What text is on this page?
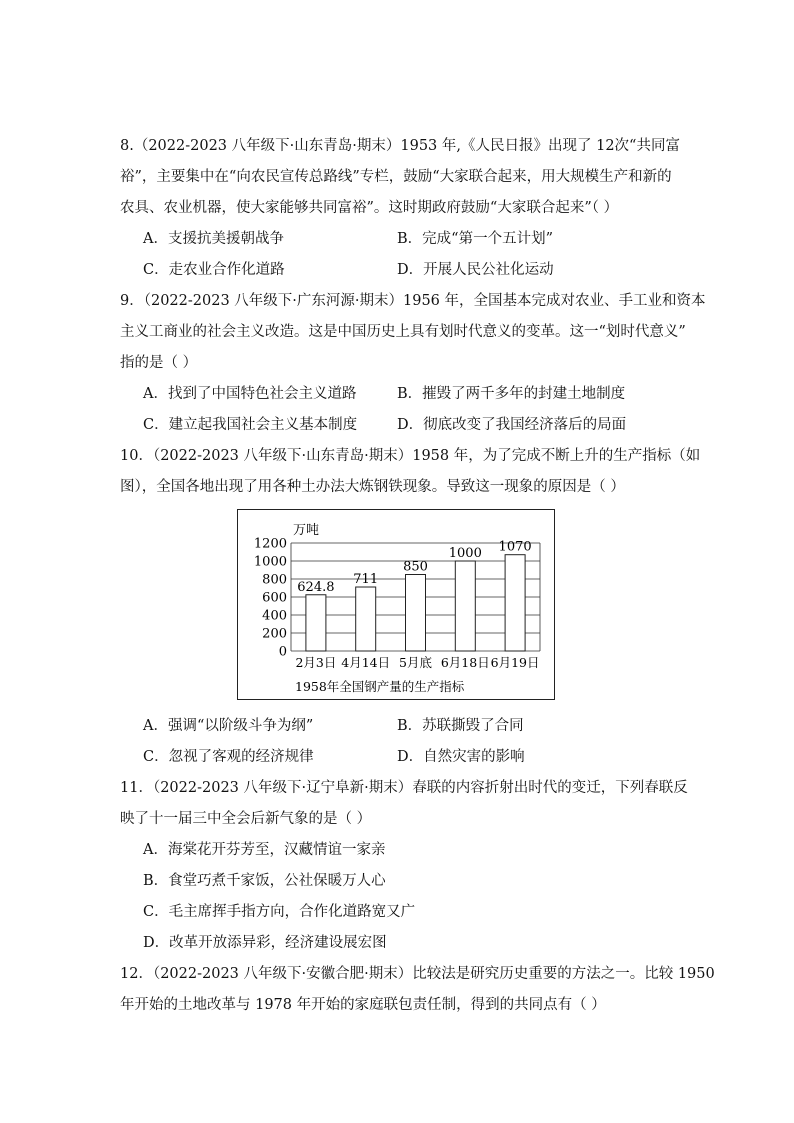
8.（2022-2023 八年级下·山东青岛·期末）1953 年,《人民日报》出现了 12次“共同富
裕”，主要集中在“向农民宣传总路线”专栏，鼓励“大家联合起来，用大规模生产和新的
农具、农业机器，使大家能够共同富裕”。这时期政府鼓励“大家联合起来”（ ）
A．支援抗美援朝战争	B．完成“第一个五计划”
C．走农业合作化道路	D．开展人民公社化运动
9．（2022-2023 八年级下·广东河源·期末）1956 年，全国基本完成对农业、手工业和资本
主义工商业的社会主义改造。这是中国历史上具有划时代意义的变革。这一“划时代意义”
指的是（ ）
A．找到了中国特色社会主义道路	B．摧毁了两千多年的封建土地制度
C．建立起我国社会主义基本制度	D．彻底改变了我国经济落后的局面
10．（2022-2023 八年级下·山东青岛·期末）1958 年，为了完成不断上升的生产指标（如
图），全国各地出现了用各种土办法大炼钢铁现象。导致这一现象的原因是（ ）
万吨
1200
1000
800
600
400
200
0
624.8
711
850
1000 1070
2月3日 4月14日 5月底 6月18日 6月19日
1958年全国钢产量的生产指标
A．强调“以阶级斗争为纲”	B．苏联撕毁了合同
C．忽视了客观的经济规律	D．自然灾害的影响
11．（2022-2023 八年级下·辽宁阜新·期末）春联的内容折射出时代的变迁，下列春联反
映了十一届三中全会后新气象的是（ ）
A．海棠花开芬芳至，汉藏情谊一家亲
B．食堂巧煮千家饭，公社保暖万人心
C．毛主席挥手指方向，合作化道路宽又广
D．改革开放添异彩，经济建设展宏图
12．（2022-2023 八年级下·安徽合肥·期末）比较法是研究历史重要的方法之一。比较 1950
年开始的土地改革与 1978 年开始的家庭联包责任制，得到的共同点有（ ）
